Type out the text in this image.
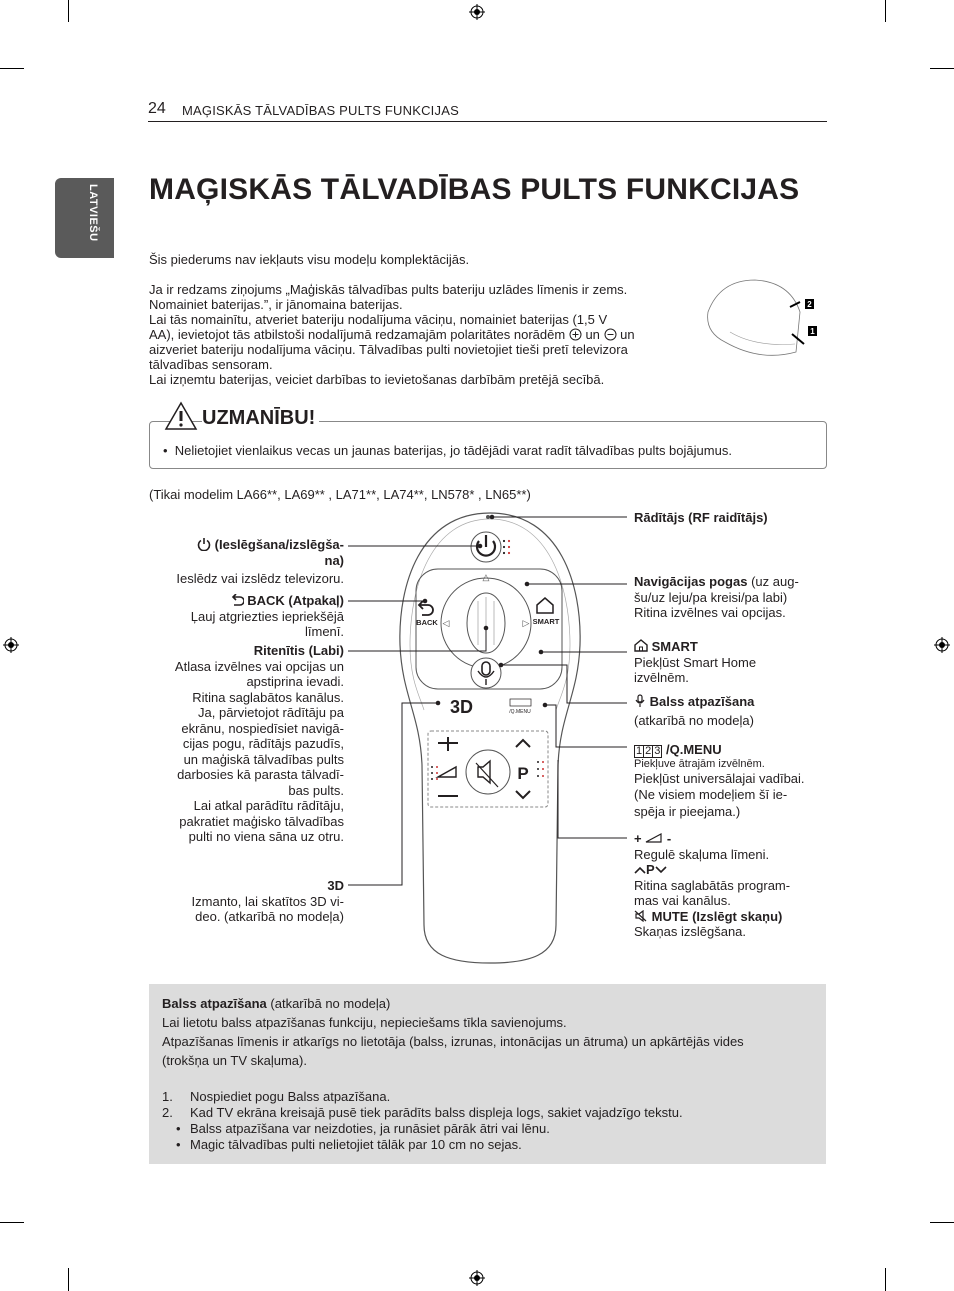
24 MAĢISKĀS TĀLVADĪBAS PULTS FUNKCIJAS
LATVIEŠU MAĢISKĀS TĀLVADĪBAS PULTS FUNKCIJAS
Šis piederums nav iekļauts visu modeļu komplektācijās.
Ja ir redzams ziņojums „Maģiskās tālvadības pults bateriju uzlādes līmenis ir zems.
Nomainiet baterijas.”, ir jānomaina baterijas.
Lai tās nomainītu, atveriet bateriju nodalījuma vāciņu, nomainiet baterijas (1,5 V
AA), ievietojot tās atbilstoši nodalījumā redzamajām polaritātes norādēm un un
aizveriet bateriju nodalījuma vāciņu. Tālvadības pulti novietojiet tieši pretī televizora
tālvadības sensoram.
Lai izņemtu baterijas, veiciet darbības to ievietošanas darbībām pretējā secībā.
2
1
UZMANĪBU!
•  Nelietojiet vienlaikus vecas un jaunas baterijas, jo tādējādi varat radīt tālvadības pults bojājumus.
(Tikai modelim LA66**, LA69** , LA71**, LA74**, LN578* , LN65**)
△
◁	▷
BACK	SMART
3D	/Q.MENU
P
(Ieslēgšana/izslēgša-
na)
Ieslēdz vai izslēdz televizoru.
BACK (Atpakaļ)
Ļauj atgriezties iepriekšējā
līmenī.
Ritenītis (Labi)
Atlasa izvēlnes vai opcijas un
apstiprina ievadi.
Ritina saglabātos kanālus.
Ja, pārvietojot rādītāju pa
ekrānu, nospiedīsiet navigā-
cijas pogu, rādītājs pazudīs,
un maģiskā tālvadības pults
darbosies kā parasta tālvadī-
bas pults.
Lai atkal parādītu rādītāju,
pakratiet maģisko tālvadības
pulti no viena sāna uz otru.
3D
Izmanto, lai skatītos 3D vi-
deo. (atkarībā no modeļa)
Rādītājs (RF raidītājs)
Navigācijas pogas (uz aug-
šu/uz leju/pa kreisi/pa labi)
Ritina izvēlnes vai opcijas.
SMART
Piekļūst Smart Home
izvēlnēm.
Balss atpazīšana
(atkarībā no modeļa)
1 2 3 /Q.MENU
Piekļuve ātrajām izvēlnēm.
Piekļūst universālajai vadībai.
(Ne visiem modeļiem šī ie-
spēja ir pieejama.)
+ -
Regulē skaļuma līmeni.
P
Ritina saglabātās program-
mas vai kanālus.
MUTE (Izslēgt skaņu)
Skaņas izslēgšana.
Balss atpazīšana (atkarībā no modeļa)
Lai lietotu balss atpazīšanas funkciju, nepieciešams tīkla savienojums.
Atpazīšanas līmenis ir atkarīgs no lietotāja (balss, izrunas, intonācijas un ātruma) un apkārtējās vides
(trokšņa un TV skaļuma).
1. Nospiediet pogu Balss atpazīšana.
2. Kad TV ekrāna kreisajā pusē tiek parādīts balss displeja logs, sakiet vajadzīgo tekstu.
• Balss atpazīšana var neizdoties, ja runāsiet pārāk ātri vai lēnu.
• Magic tālvadības pulti nelietojiet tālāk par 10 cm no sejas.
